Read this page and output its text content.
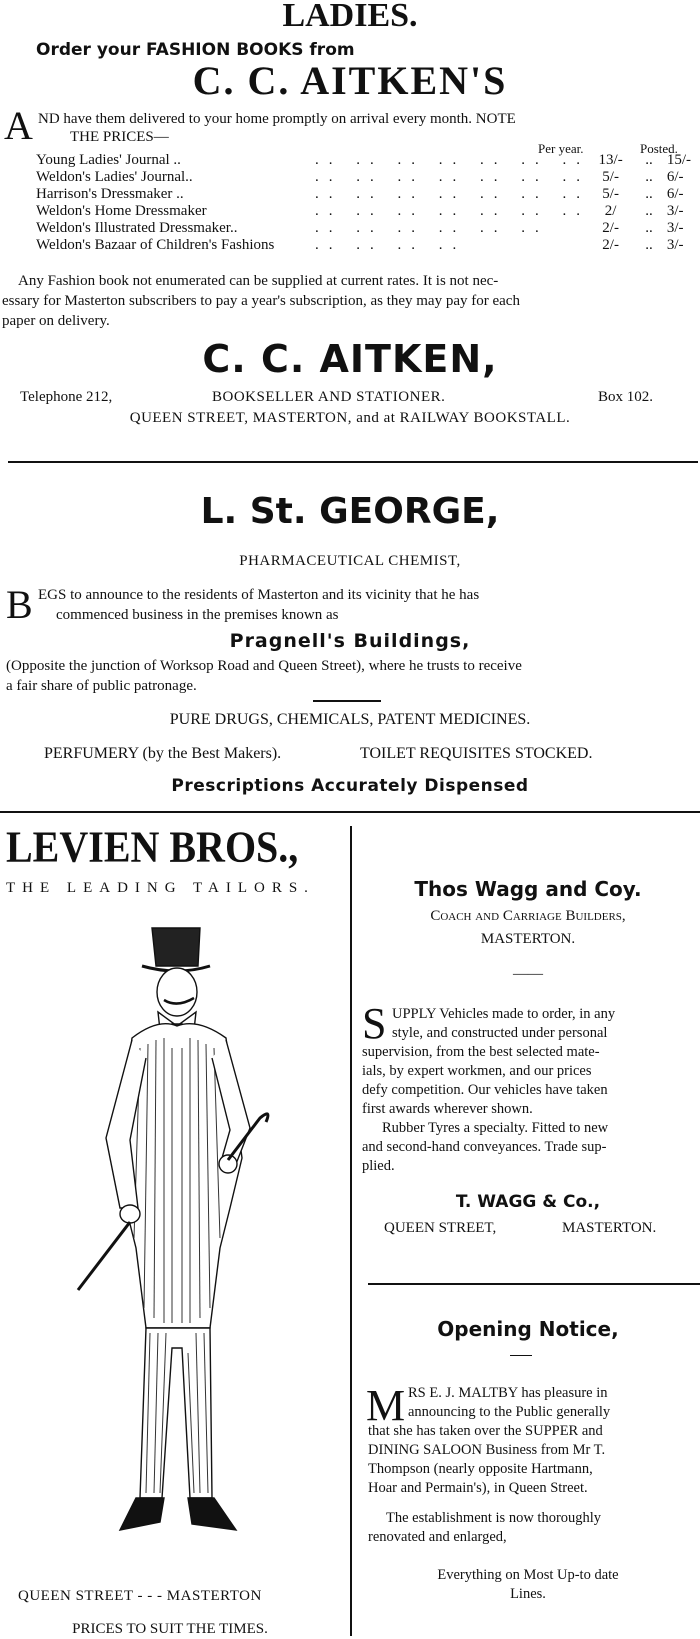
LADIES.
Order your FASHION BOOKS from
C. C. AITKEN'S
A ND have them delivered to your home promptly on arrival every month. NOTE
THE PRICES—
Per year.	Posted.
Young Ladies' Journal ..	.. .. .. .. .. .. ..	13/-	..	15/-
Weldon's Ladies' Journal..	.. .. .. .. .. .. ..	5/-	..	6/-
Harrison's Dressmaker ..	.. .. .. .. .. .. ..	5/-	..	6/-
Weldon's Home Dressmaker	.. .. .. .. .. .. ..	2/	..	3/-
Weldon's Illustrated Dressmaker..	.. .. .. .. .. ..	2/-	..	3/-
Weldon's Bazaar of Children's Fashions	.. .. .. ..	2/-	..	3/-
Any Fashion book not enumerated can be supplied at current rates. It is not nec-
essary for Masterton subscribers to pay a year's subscription, as they may pay for each
paper on delivery.
C. C. AITKEN,
Telephone 212,	BOOKSELLER AND STATIONER.	Box 102.
QUEEN STREET, MASTERTON, and at RAILWAY BOOKSTALL.
L. St. GEORGE,
PHARMACEUTICAL CHEMIST,
B EGS to announce to the residents of Masterton and its vicinity that he has
commenced business in the premises known as
Pragnell's Buildings,
(Opposite the junction of Worksop Road and Queen Street), where he trusts to receive
a fair share of public patronage.
PURE DRUGS, CHEMICALS, PATENT MEDICINES.
PERFUMERY (by the Best Makers).	TOILET REQUISITES STOCKED.
Prescriptions Accurately Dispensed
LEVIEN BROS.,
THE LEADING TAILORS.
QUEEN STREET - - - MASTERTON
PRICES TO SUIT THE TIMES.
Thos Wagg and Coy.
Coach and Carriage Builders,
MASTERTON.
——
S UPPLY Vehicles made to order, in any
style, and constructed under personal
supervision, from the best selected mate-
ials, by expert workmen, and our prices
defy competition. Our vehicles have taken
first awards wherever shown.
Rubber Tyres a specialty. Fitted to new
and second-hand conveyances. Trade sup-
plied.
T. WAGG & Co.,
QUEEN STREET,	MASTERTON.
Opening Notice,
M RS E. J. MALTBY has pleasure in
announcing to the Public generally
that she has taken over the SUPPER and
DINING SALOON Business from Mr T.
Thompson (nearly opposite Hartmann,
Hoar and Permain's), in Queen Street.
The establishment is now thoroughly
renovated and enlarged,
Everything on Most Up-to date
Lines.
